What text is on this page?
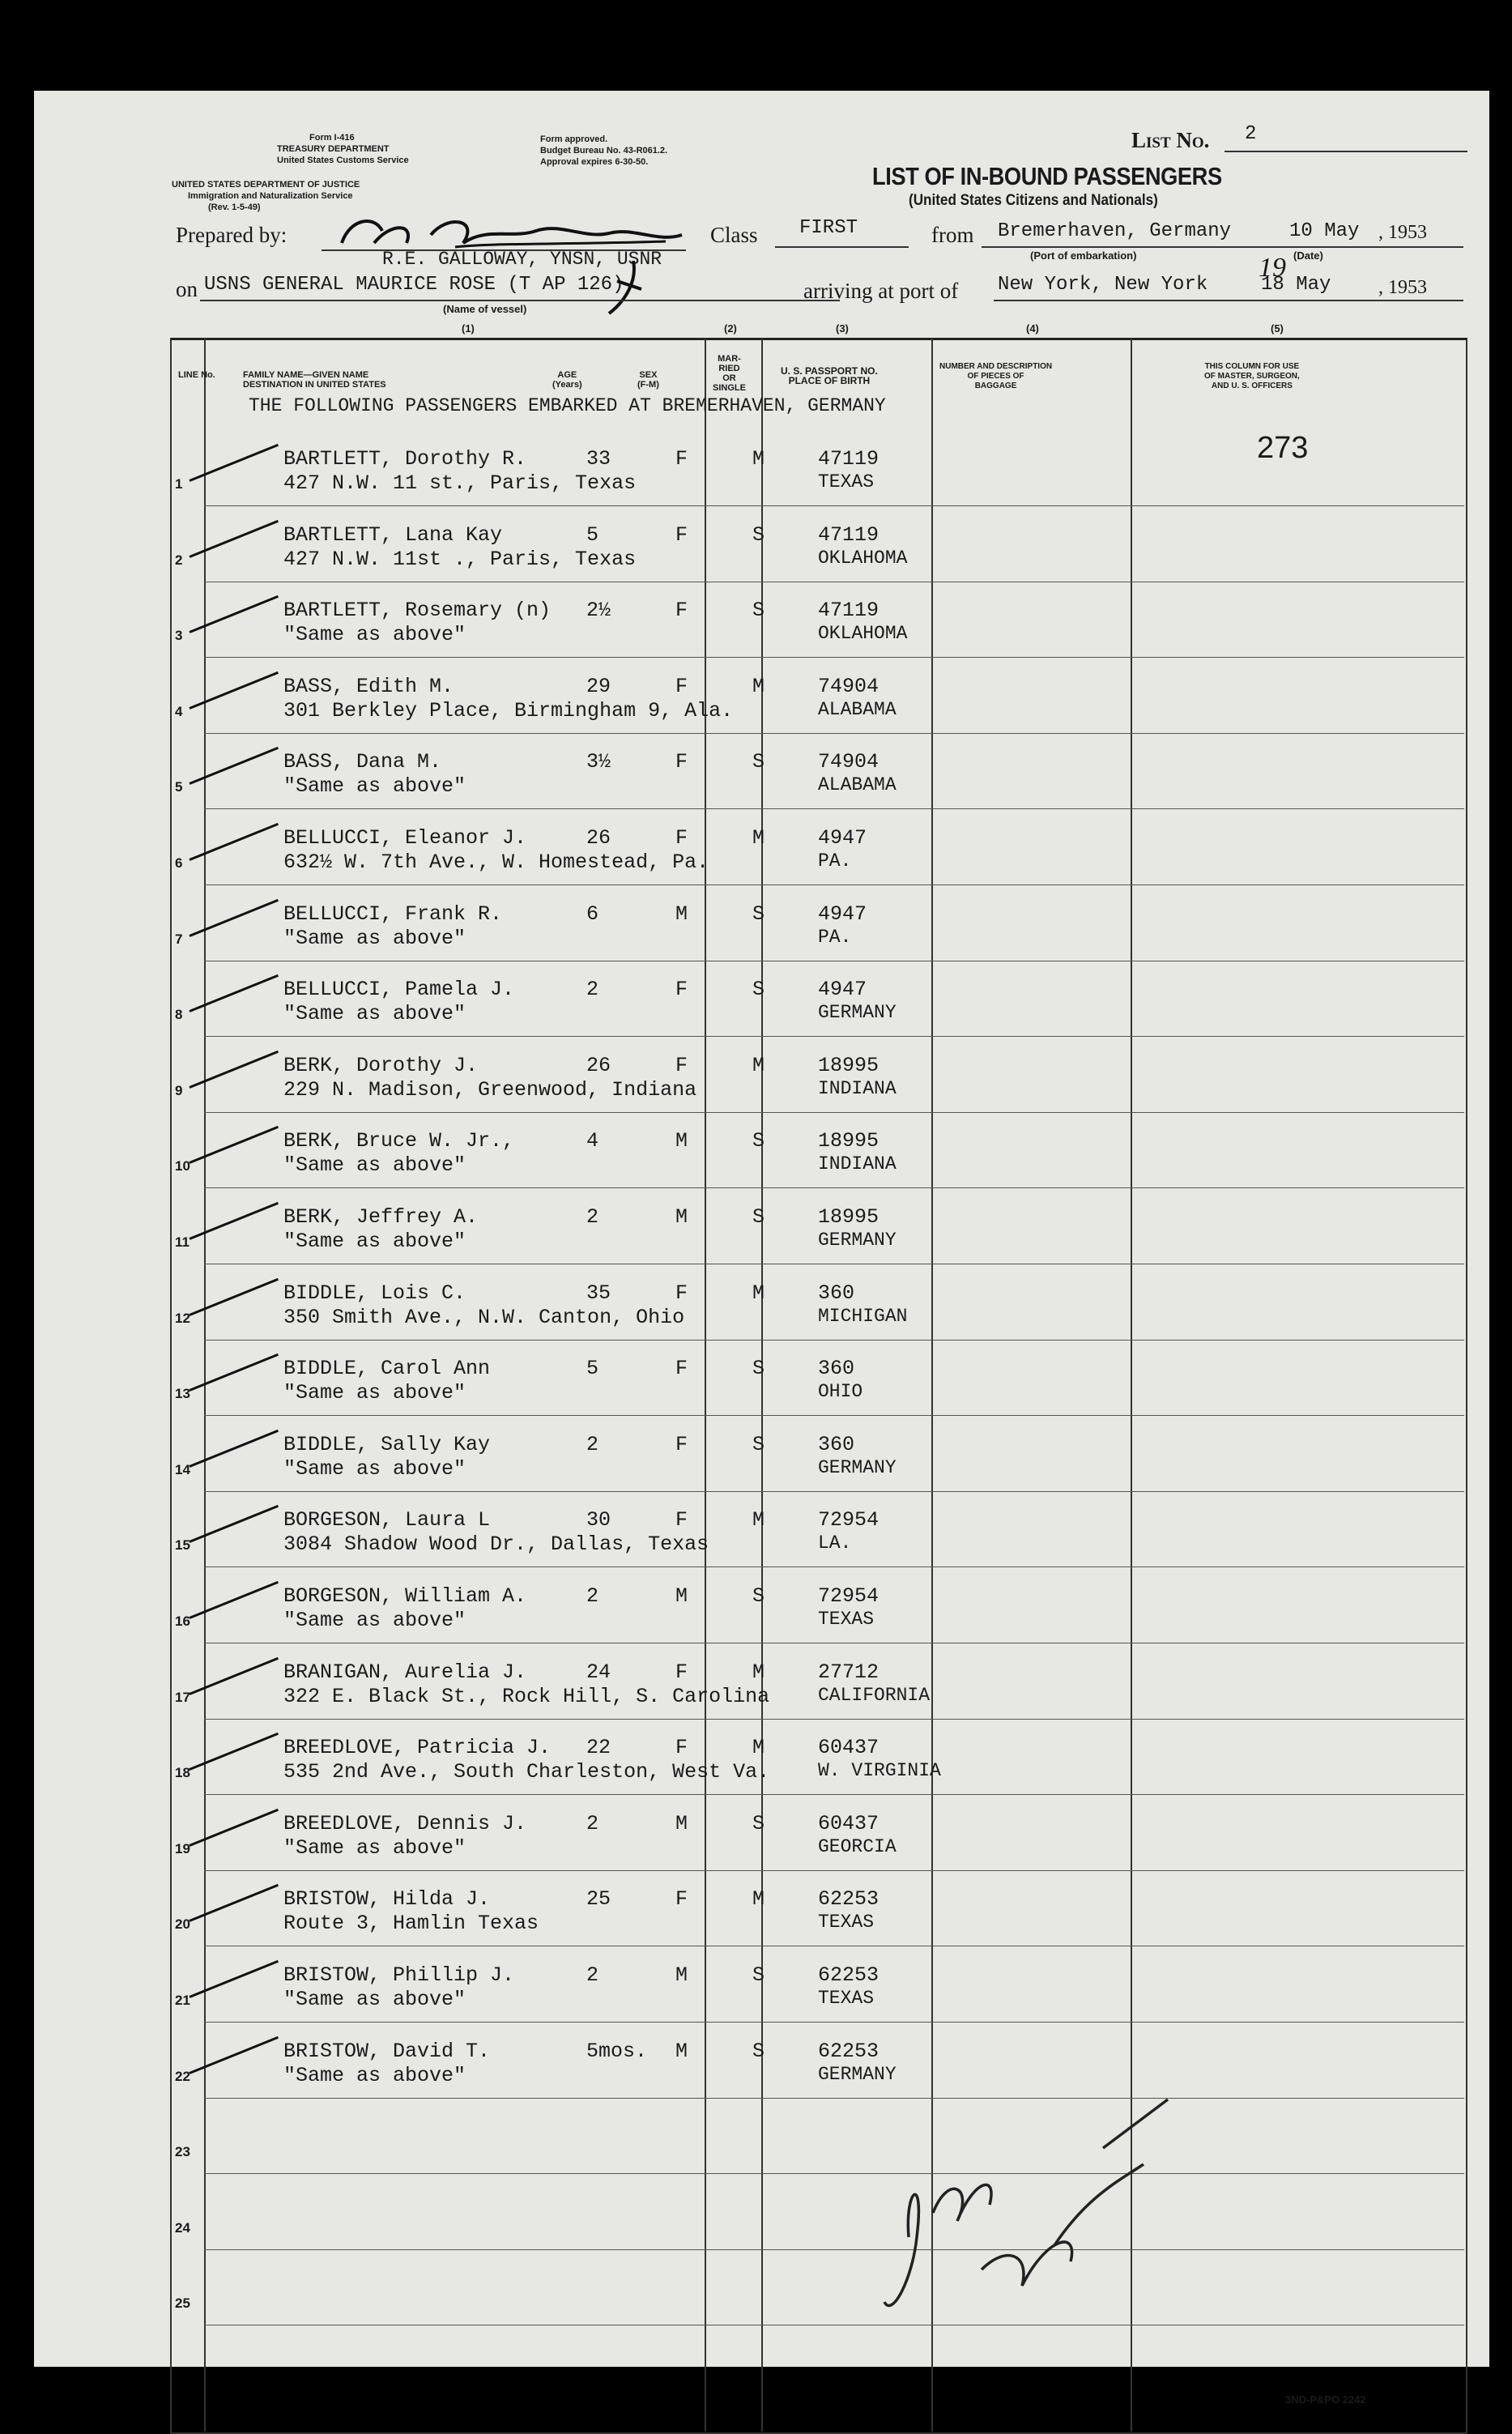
Form I-416
TREASURY DEPARTMENT
United States Customs Service
UNITED STATES DEPARTMENT OF JUSTICE
Immigration and Naturalization Service
(Rev. 1-5-49)
Form approved.
Budget Bureau No. 43-R061.2.
Approval expires 6-30-50.
List No. 2
LIST OF IN-BOUND PASSENGERS
(United States Citizens and Nationals)
Prepared by:
R.E. GALLOWAY, YNSN, USNR
Class FIRST	from Bremerhaven, Germany	10 May , 1953
(Port of embarkation)	(Date)
on USNS GENERAL MAURICE ROSE (T AP 126)
(Name of vessel)
arriving at port of New York, New York	18 May
19
, 1953
(1)	(2)	(3)	(4)	(5)
LINE No.	FAMILY NAME—GIVEN NAME
DESTINATION IN UNITED STATES
AGE
(Years)
SEX
(F-M)
MAR-
RIED
OR
SINGLE
U. S. PASSPORT NO.
PLACE OF BIRTH
NUMBER AND DESCRIPTION
OF PIECES OF
BAGGAGE
THIS COLUMN FOR USE
OF MASTER, SURGEON,
AND U. S. OFFICERS
THE FOLLOWING PASSENGERS EMBARKED AT BREMERHAVEN, GERMANY
273
1
BARTLETT, Dorothy R.
427 N.W. 11 st., Paris, Texas
33	F	M	47119
TEXAS
2
BARTLETT, Lana Kay
427 N.W. 11st ., Paris, Texas
5	F	S	47119
OKLAHOMA
3
BARTLETT, Rosemary (n)
"Same as above"
2½	F	S	47119
OKLAHOMA
4
BASS, Edith M.
301 Berkley Place, Birmingham 9, Ala.
29	F	M	74904
ALABAMA
5
BASS, Dana M.
"Same as above"
3½	F	S	74904
ALABAMA
6
BELLUCCI, Eleanor J.
632½ W. 7th Ave., W. Homestead, Pa.
26	F	M	4947
PA.
7
BELLUCCI, Frank R.
"Same as above"
6	M	S	4947
PA.
8
BELLUCCI, Pamela J.
"Same as above"
2	F	S	4947
GERMANY
9
BERK, Dorothy J.
229 N. Madison, Greenwood, Indiana
26	F	M	18995
INDIANA
10
BERK, Bruce W. Jr.,
"Same as above"
4	M	S	18995
INDIANA
11
BERK, Jeffrey A.
"Same as above"
2	M	S	18995
GERMANY
12
BIDDLE, Lois C.
350 Smith Ave., N.W. Canton, Ohio
35	F	M	360
MICHIGAN
13
BIDDLE, Carol Ann
"Same as above"
5	F	S	360
OHIO
14
BIDDLE, Sally Kay
"Same as above"
2	F	S	360
GERMANY
15
BORGESON, Laura L
3084 Shadow Wood Dr., Dallas, Texas
30	F	M	72954
LA.
16
BORGESON, William A.
"Same as above"
2	M	S	72954
TEXAS
17
BRANIGAN, Aurelia J.
322 E. Black St., Rock Hill, S. Carolina
24	F	M	27712
CALIFORNIA
18
BREEDLOVE, Patricia J.
535 2nd Ave., South Charleston, West Va.
22	F	M	60437
W. VIRGINIA
19
BREEDLOVE, Dennis J.
"Same as above"
2	M	S	60437
GEORCIA
20
BRISTOW, Hilda J.
Route 3, Hamlin Texas
25	F	M	62253
TEXAS
21
BRISTOW, Phillip J.
"Same as above"
2	M	S	62253
TEXAS
22
BRISTOW, David T.
"Same as above"
5mos. M	S	62253
GERMANY
23
24
25
3ND-P&PO 2242
